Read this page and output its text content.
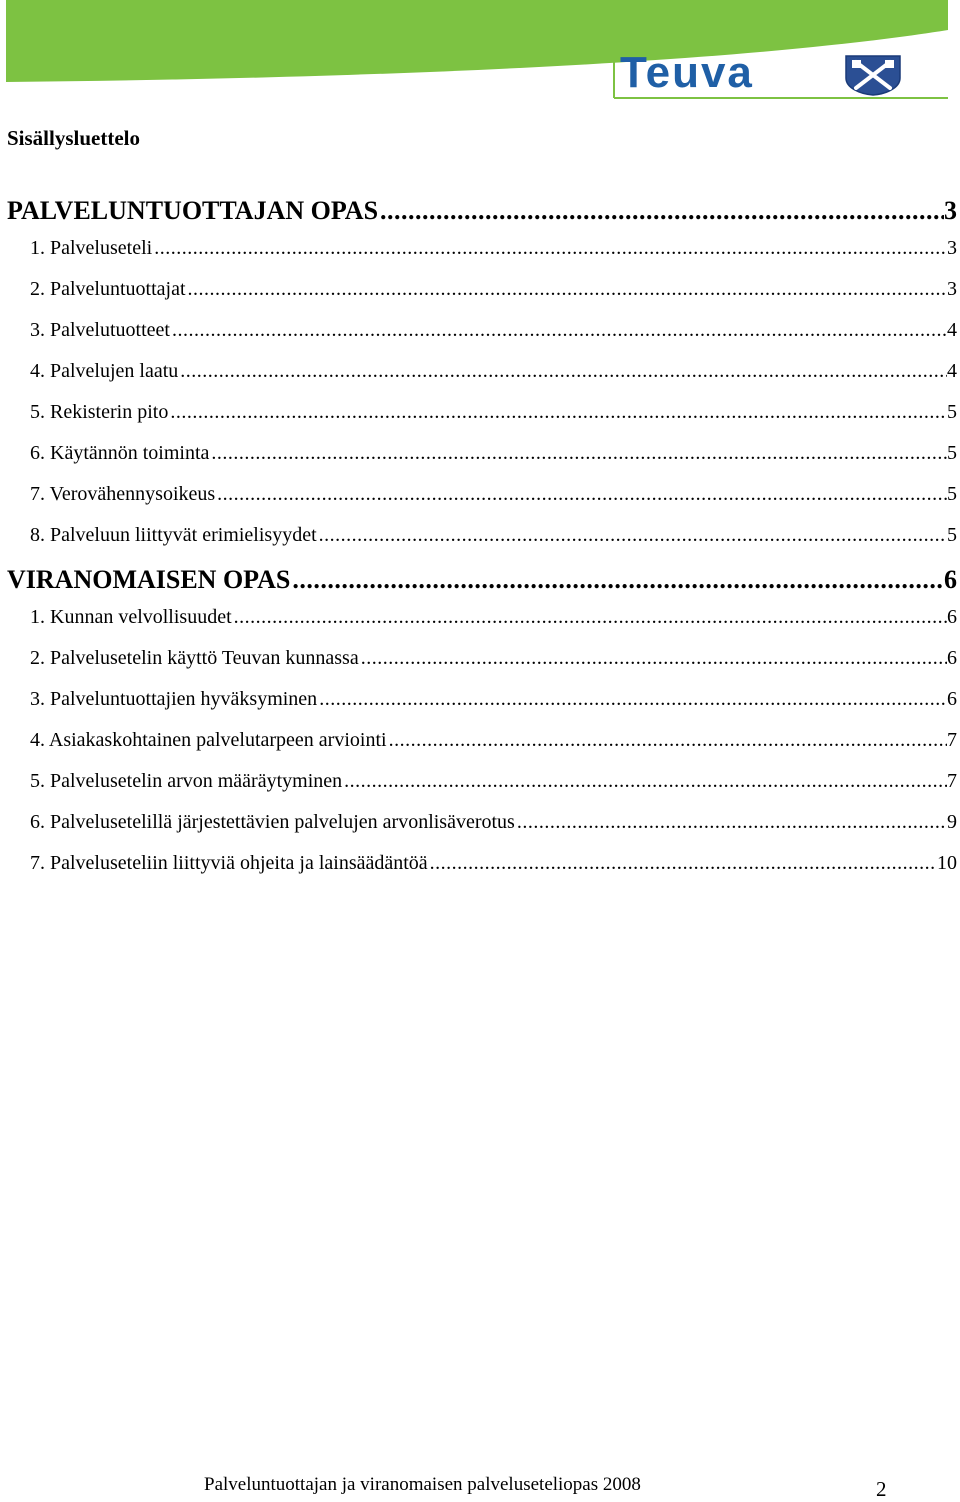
Teuva
Sisällysluettelo
PALVELUNTUOTTAJAN OPAS .....	3
1. Palveluseteli .....	3
2. Palveluntuottajat .....	3
3. Palvelutuotteet .....	4
4. Palvelujen laatu .....	4
5. Rekisterin pito .....	5
6. Käytännön toiminta .....	5
7. Verovähennysoikeus .....	5
8. Palveluun liittyvät erimielisyydet .....	5
VIRANOMAISEN OPAS .....	6
1. Kunnan velvollisuudet .....	6
2. Palvelusetelin käyttö Teuvan kunnassa .....	6
3. Palveluntuottajien hyväksyminen .....	6
4. Asiakaskohtainen palvelutarpeen arviointi .....	7
5. Palvelusetelin arvon määräytyminen .....	7
6. Palvelusetelillä järjestettävien palvelujen arvonlisäverotus .....	9
7. Palveluseteliin liittyviä ohjeita ja lainsäädäntöä .....	10
Palveluntuottajan ja viranomaisen palveluseteliopas 2008	2
